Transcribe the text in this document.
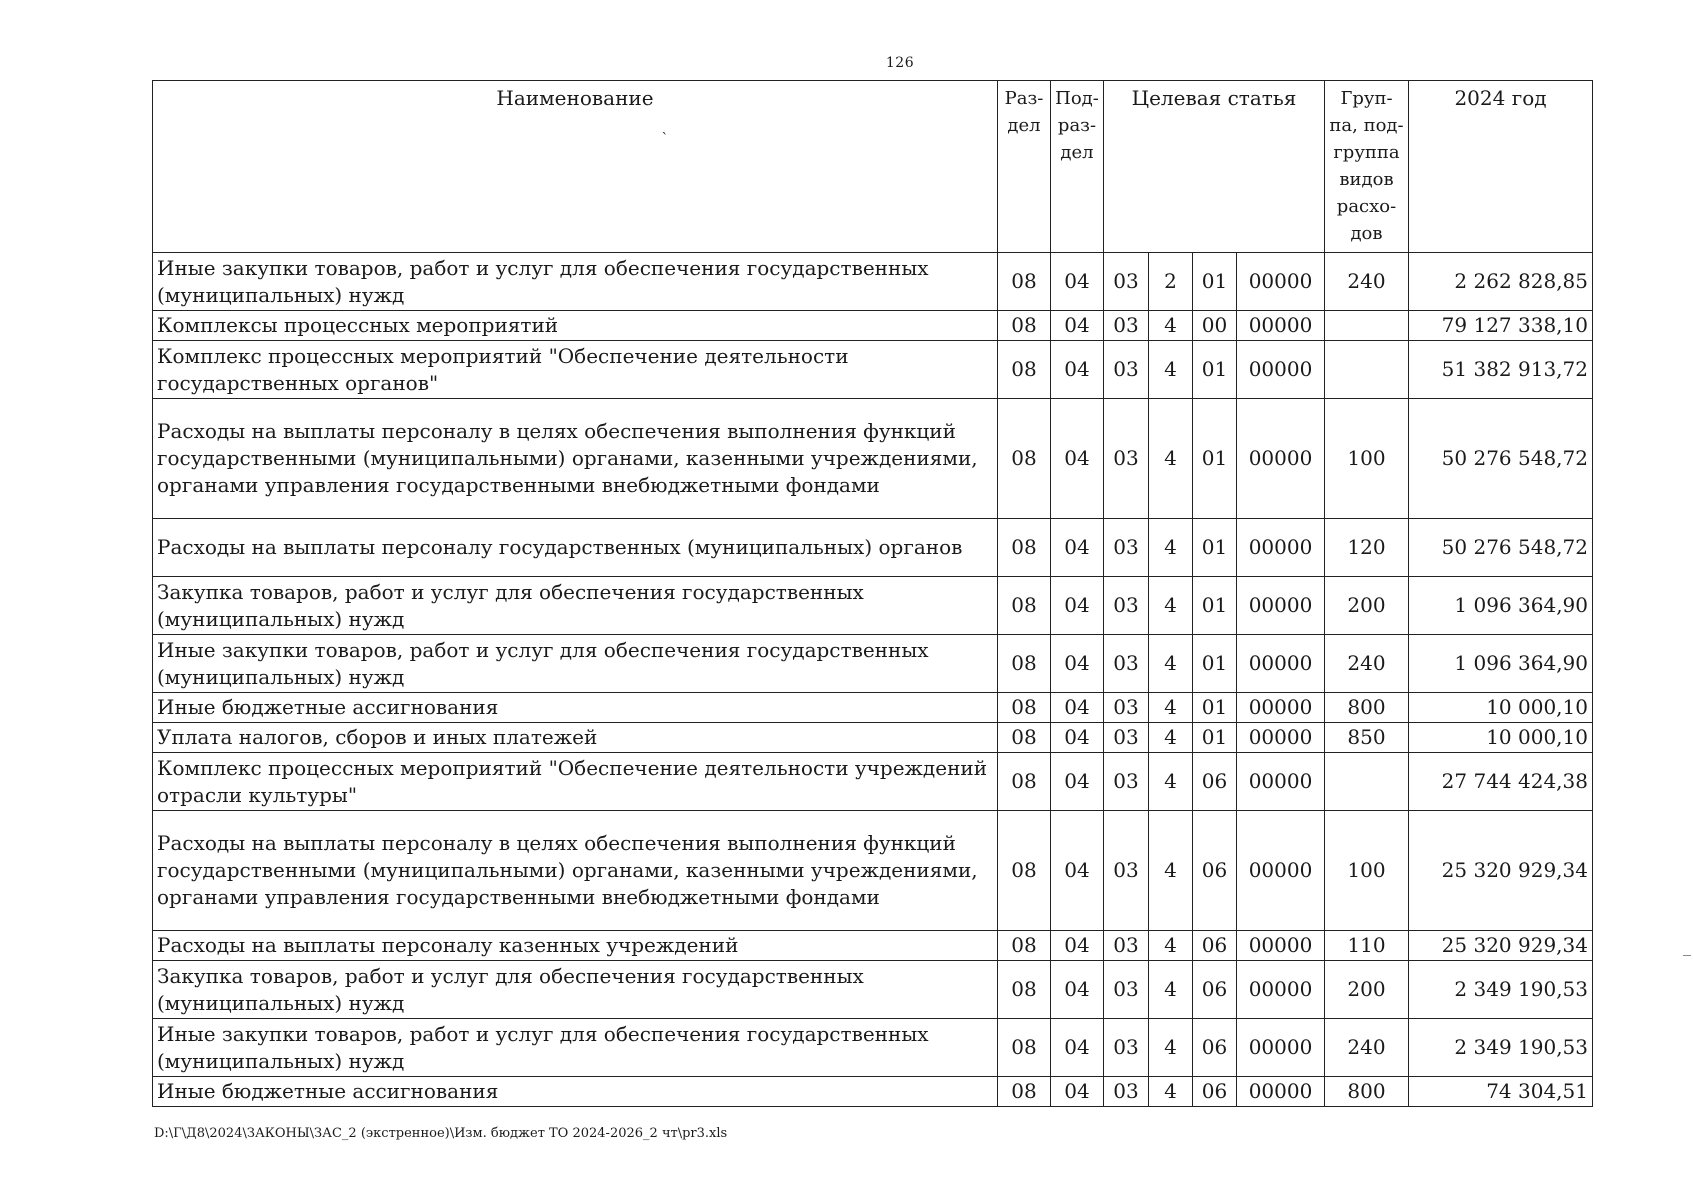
126
Наименование
`	Раз-дел	Под-раз-дел	Целевая статья				Груп-па, под-группа видов расхо-дов	2024 год
Иные закупки товаров, работ и услуг для обеспечения государственных (муниципальных) нужд	08	04	03	2	01	00000	240	2 262 828,85
Комплексы процессных мероприятий	08	04	03	4	00	00000		79 127 338,10
Комплекс процессных мероприятий "Обеспечение деятельности государственных органов"	08	04	03	4	01	00000		51 382 913,72
Расходы на выплаты персоналу в целях обеспечения выполнения функций государственными (муниципальными) органами, казенными учреждениями, органами управления государственными внебюджетными фондами	08	04	03	4	01	00000	100	50 276 548,72
Расходы на выплаты персоналу государственных (муниципальных) органов	08	04	03	4	01	00000	120	50 276 548,72
Закупка товаров, работ и услуг для обеспечения государственных (муниципальных) нужд	08	04	03	4	01	00000	200	1 096 364,90
Иные закупки товаров, работ и услуг для обеспечения государственных (муниципальных) нужд	08	04	03	4	01	00000	240	1 096 364,90
Иные бюджетные ассигнования	08	04	03	4	01	00000	800	10 000,10
Уплата налогов, сборов и иных платежей	08	04	03	4	01	00000	850	10 000,10
Комплекс процессных мероприятий "Обеспечение деятельности учреждений отрасли культуры"	08	04	03	4	06	00000		27 744 424,38
Расходы на выплаты персоналу в целях обеспечения выполнения функций государственными (муниципальными) органами, казенными учреждениями, органами управления государственными внебюджетными фондами	08	04	03	4	06	00000	100	25 320 929,34
Расходы на выплаты персоналу казенных учреждений	08	04	03	4	06	00000	110	25 320 929,34
Закупка товаров, работ и услуг для обеспечения государственных (муниципальных) нужд	08	04	03	4	06	00000	200	2 349 190,53
Иные закупки товаров, работ и услуг для обеспечения государственных (муниципальных) нужд	08	04	03	4	06	00000	240	2 349 190,53
Иные бюджетные ассигнования	08	04	03	4	06	00000	800	74 304,51
D:\Г\Д8\2024\ЗАКОНЫ\ЗАС_2 (экстренное)\Изм. бюджет ТО 2024-2026_2 чт\pr3.xls
